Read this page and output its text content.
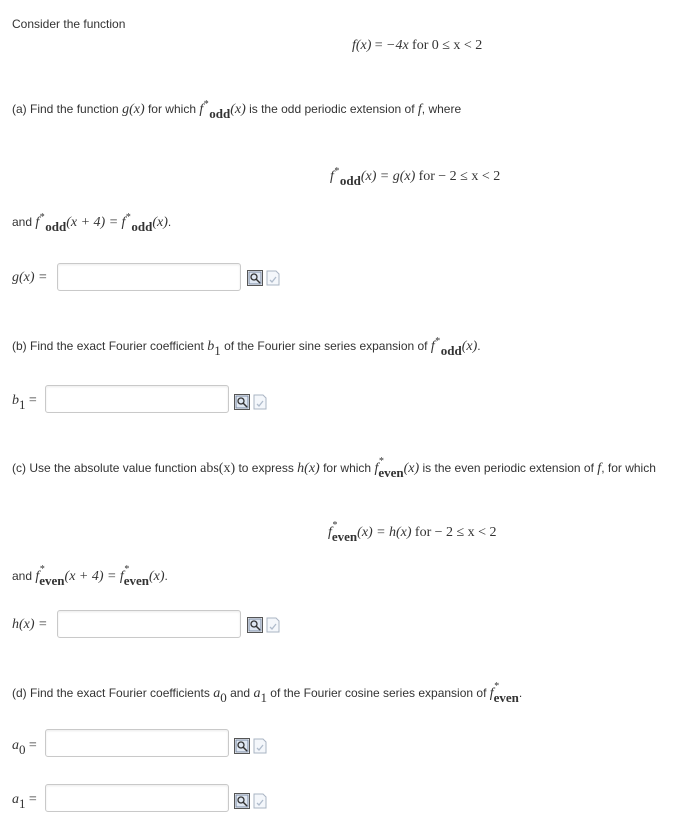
Consider the function
f(x) = −4x for 0 ≤ x < 2
(a) Find the function g(x) for which f*odd(x) is the odd periodic extension of f, where
f*odd(x) = g(x) for − 2 ≤ x < 2
and f*odd(x + 4) = f*odd(x).
g(x) =
(b) Find the exact Fourier coefficient b1 of the Fourier sine series expansion of f*odd(x).
b1 =
(c) Use the absolute value function abs(x) to express h(x) for which f *
even(x) is the even periodic extension of f, for which
f *
even(x) = h(x) for − 2 ≤ x < 2
and f *
even(x + 4) = f *
even(x).
h(x) =
(d) Find the exact Fourier coefficients a0 and a1 of the Fourier cosine series expansion of f *
even.
a0 =
a1 =
